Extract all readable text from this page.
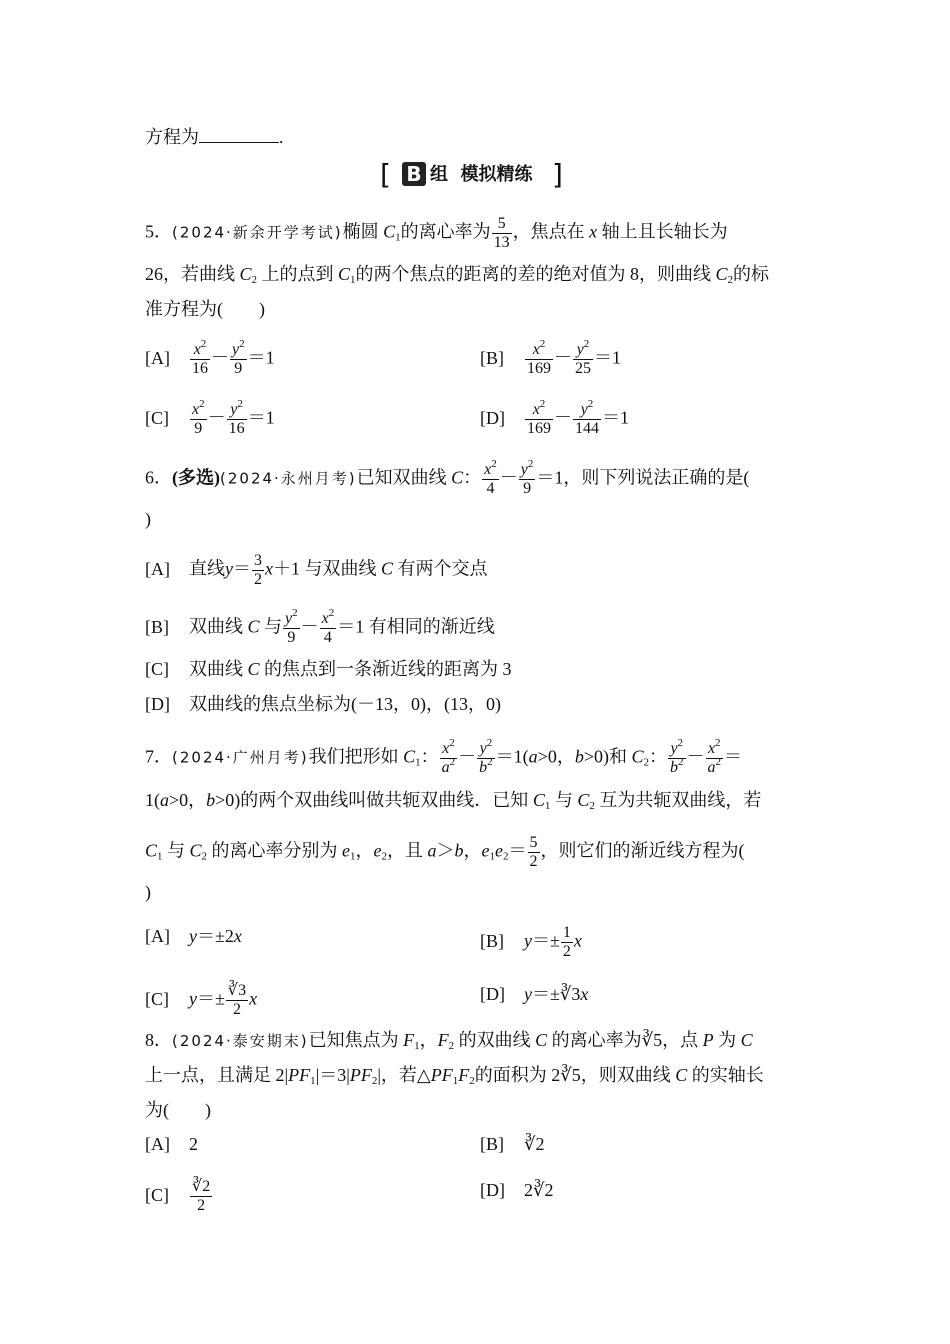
方程为	.
[ B 组 模拟精练 ]
5．(2024·新余开学考试)椭圆 $C_1$的离心率为 $\frac{5}{13}$ ，焦点在 x 轴上且长轴长为
26，若曲线 $C_2$ 上的点到 $C_1$的两个焦点的距离的差的绝对值为 8，则曲线 $C_2$的标
准方程为(　　)
$[A] \frac{x^2}{16} - \frac{y^2}{9} =1$	$[B] \frac{x^2}{169} - \frac{y^2}{25} =1$
$[C] \frac{x^2}{9} - \frac{y^2}{16} =1$	$[D] \frac{x^2}{169} - \frac{y^2}{144} =1$
6．(多选)(2024·永州月考)已知双曲线 C： $\frac{x^2}{4} - \frac{y^2}{9} =1$，则下列说法正确的是(
)
[A] 直线$y= \frac{3}{2} x+1$ 与双曲线 C 有两个交点
[B] 双曲线 C 与 $\frac{y^2}{9} - \frac{x^2}{4} =1$ 有相同的渐近线
[C] 双曲线 C 的焦点到一条渐近线的距离为 3
[D] 双曲线的焦点坐标为(－13，0)，(13，0)
7．(2024·广州月考)我们把形如 $C_1$： $\frac{x^2}{a^2} - \frac{y^2}{b^2} =1(a>0$，b>0)和 $C_2$： $\frac{y^2}{b^2} - \frac{x^2}{a^2}$ ＝
1(a>0，b>0)的两个双曲线叫做共轭双曲线．已知 $C_1$ 与 $C_2$ 互为共轭双曲线，若
$C_1$ 与 $C_2$ 的离心率分别为 $e_1$，$e_2$，且 a＞b，$e_1e_2= \frac{5}{2}$ ，则它们的渐近线方程为(
)
[A] y＝±2x	[B] $y=\pm \frac{1}{2}$ x
[C] $y=\pm \frac{∛3}{2}$ x	[D] y＝±∛3x
8．(2024·泰安期末)已知焦点为 $F_1$，$F_2$ 的双曲线 C 的离心率为∛5，点 P 为 C
上一点，且满足 $2|PF_1|=3|PF_2|$，若$\triangle PF_1F_2$的面积为 2∛5，则双曲线 C 的实轴长
为(　　)
[A] 2	[B] ∛2
$[C] \frac{∛2}{2}$	[D] 2∛2
